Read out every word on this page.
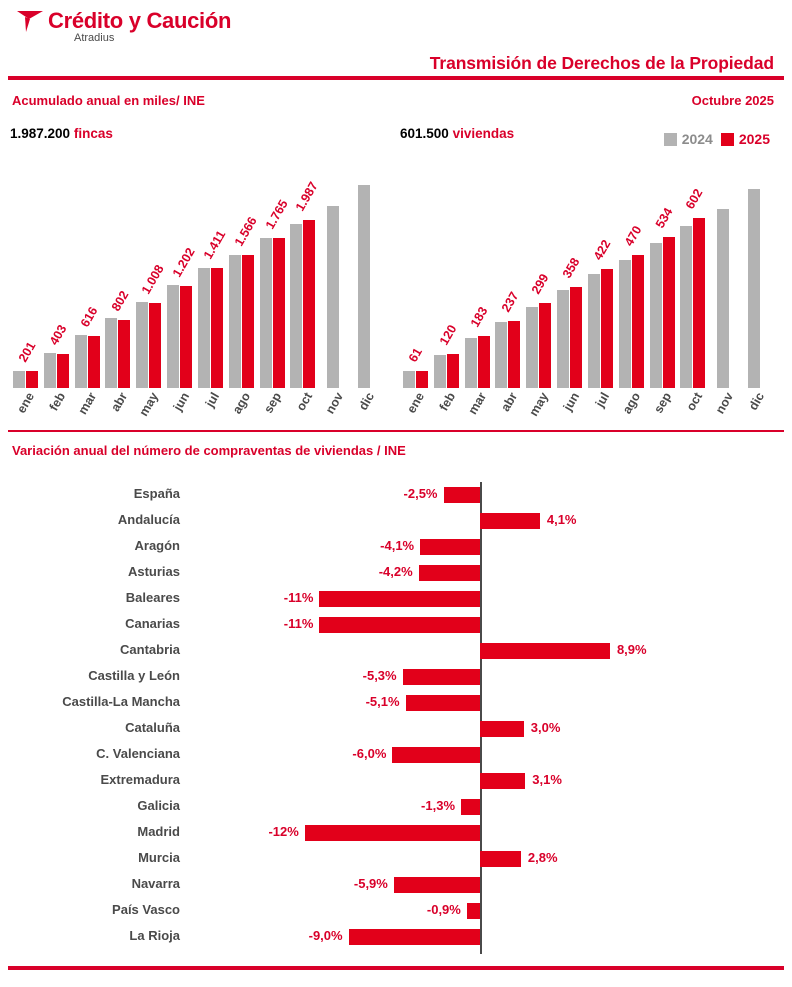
Crédito y Caución
Atradius
Transmisión de Derechos de la Propiedad
Acumulado anual en miles/ INE	Octubre 2025
2024 2025
1.987.200 fincas
201
403
616
802
1.008 1.202
1.411 1.566 1.765
1.987
ene feb mar abr may jun jul ago sep oct nov dic
601.500 viviendas
61
120
183
237
299
358
422
470
534
602
ene feb mar abr may jun jul ago sep oct nov dic
Variación anual del número de compraventas de viviendas / INE
España	-2,5%
Andalucía	4,1%
Aragón	-4,1%
Asturias	-4,2%
Baleares	-11%
Canarias	-11%
Cantabria	8,9%
Castilla y León	-5,3%
Castilla-La Mancha	-5,1%
Cataluña	3,0%
C. Valenciana	-6,0%
Extremadura	3,1%
Galicia	-1,3%
Madrid	-12%
Murcia	2,8%
Navarra	-5,9%
País Vasco	-0,9%
La Rioja	-9,0%
